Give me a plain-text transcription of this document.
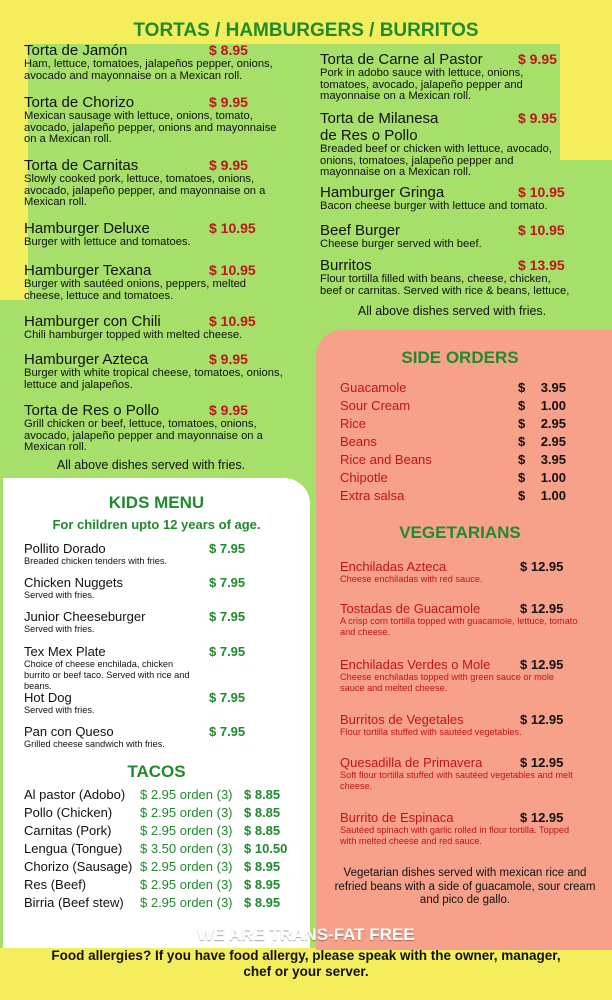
TORTAS / HAMBURGERS / BURRITOS
Torta de Jamón	$ 8.95
Ham, lettuce, tomatoes, jalapeños pepper, onions, avocado and mayonnaise on a Mexican roll.
Torta de Chorizo	$ 9.95
Mexican sausage with lettuce, onions, tomato, avocado, jalapeño pepper, onions and mayonnaise on a Mexican roll.
Torta de Carnitas	$ 9.95
Slowly cooked pork, lettuce, tomatoes, onions, avocado, jalapeño pepper, and mayonnaise on a Mexican roll.
Hamburger Deluxe	$ 10.95
Burger with lettuce and tomatoes.
Hamburger Texana	$ 10.95
Burger with sautéed onions, peppers, melted cheese, lettuce and tomatoes.
Hamburger con Chili	$ 10.95
Chili hamburger topped with melted cheese.
Hamburger Azteca	$ 9.95
Burger with white tropical cheese, tomatoes, onions, lettuce and jalapeños.
Torta de Res o Pollo	$ 9.95
Grill chicken or beef, lettuce, tomatoes, onions, avocado, jalapeño pepper and mayonnaise on a Mexican roll.
All above dishes served with fries.
Torta de Carne al Pastor	$ 9.95
Pork in adobo sauce with lettuce, onions, tomatoes, avocado, jalapeño pepper and mayonnaise on a Mexican roll.
Torta de Milanesa
de Res o Pollo
$ 9.95
Breaded beef or chicken with lettuce, avocado, onions, tomatoes, jalapeño pepper and mayonnaise on a Mexican roll.
Hamburger Gringa	$ 10.95
Bacon cheese burger with lettuce and tomato.
Beef Burger	$ 10.95
Cheese burger served with beef.
Burritos	$ 13.95
Flour tortilla filled with beans, cheese, chicken, beef or carnitas. Served with rice & beans, lettuce,
All above dishes served with fries.
KIDS MENU
For children upto 12 years of age.
Pollito Dorado	$ 7.95
Breaded chicken tenders with fries.
Chicken Nuggets	$ 7.95
Served with fries.
Junior Cheeseburger	$ 7.95
Served with fries.
Tex Mex Plate	$ 7.95
Choice of cheese enchilada, chicken burrito or beef taco. Served with rice and beans.
Hot Dog	$ 7.95
Served with fries.
Pan con Queso	$ 7.95
Grilled cheese sandwich with fries.
TACOS
Al pastor (Adobo) $ 2.95 orden (3) $ 8.85
Pollo (Chicken) $ 2.95 orden (3) $ 8.85
Carnitas (Pork) $ 2.95 orden (3) $ 8.85
Lengua (Tongue) $ 3.50 orden (3) $ 10.50
Chorizo (Sausage) $ 2.95 orden (3) $ 8.95
Res (Beef)	$ 2.95 orden (3) $ 8.95
Birria (Beef stew) $ 2.95 orden (3) $ 8.95
SIDE ORDERS
Guacamole	$	3.95
Sour Cream	$	1.00
Rice	$	2.95
Beans	$	2.95
Rice and Beans	$	3.95
Chipotle	$	1.00
Extra salsa	$	1.00
VEGETARIANS
Enchiladas Azteca	$ 12.95
Cheese enchiladas with red sauce.
Tostadas de Guacamole	$ 12.95
A crisp corn tortilla topped with guacamole, lettuce, tomato and cheese.
Enchiladas Verdes o Mole	$ 12.95
Cheese enchiladas topped with green sauce or mole sauce and melted cheese.
Burritos de Vegetales	$ 12.95
Flour tortilla stuffed with sautéed vegetables.
Quesadilla de Primavera	$ 12.95
Soft flour tortilla stuffed with sautéed vegetables and melt cheese.
Burrito de Espinaca	$ 12.95
Sautéed spinach with garlic rolled in flour tortilla. Topped with melted cheese and red sauce.
Vegetarian dishes served with mexican rice and refried beans with a side of guacamole, sour cream and pico de gallo.
WE ARE TRANS-FAT FREE
Food allergies? If you have food allergy, please speak with the owner, manager, chef or your server.
